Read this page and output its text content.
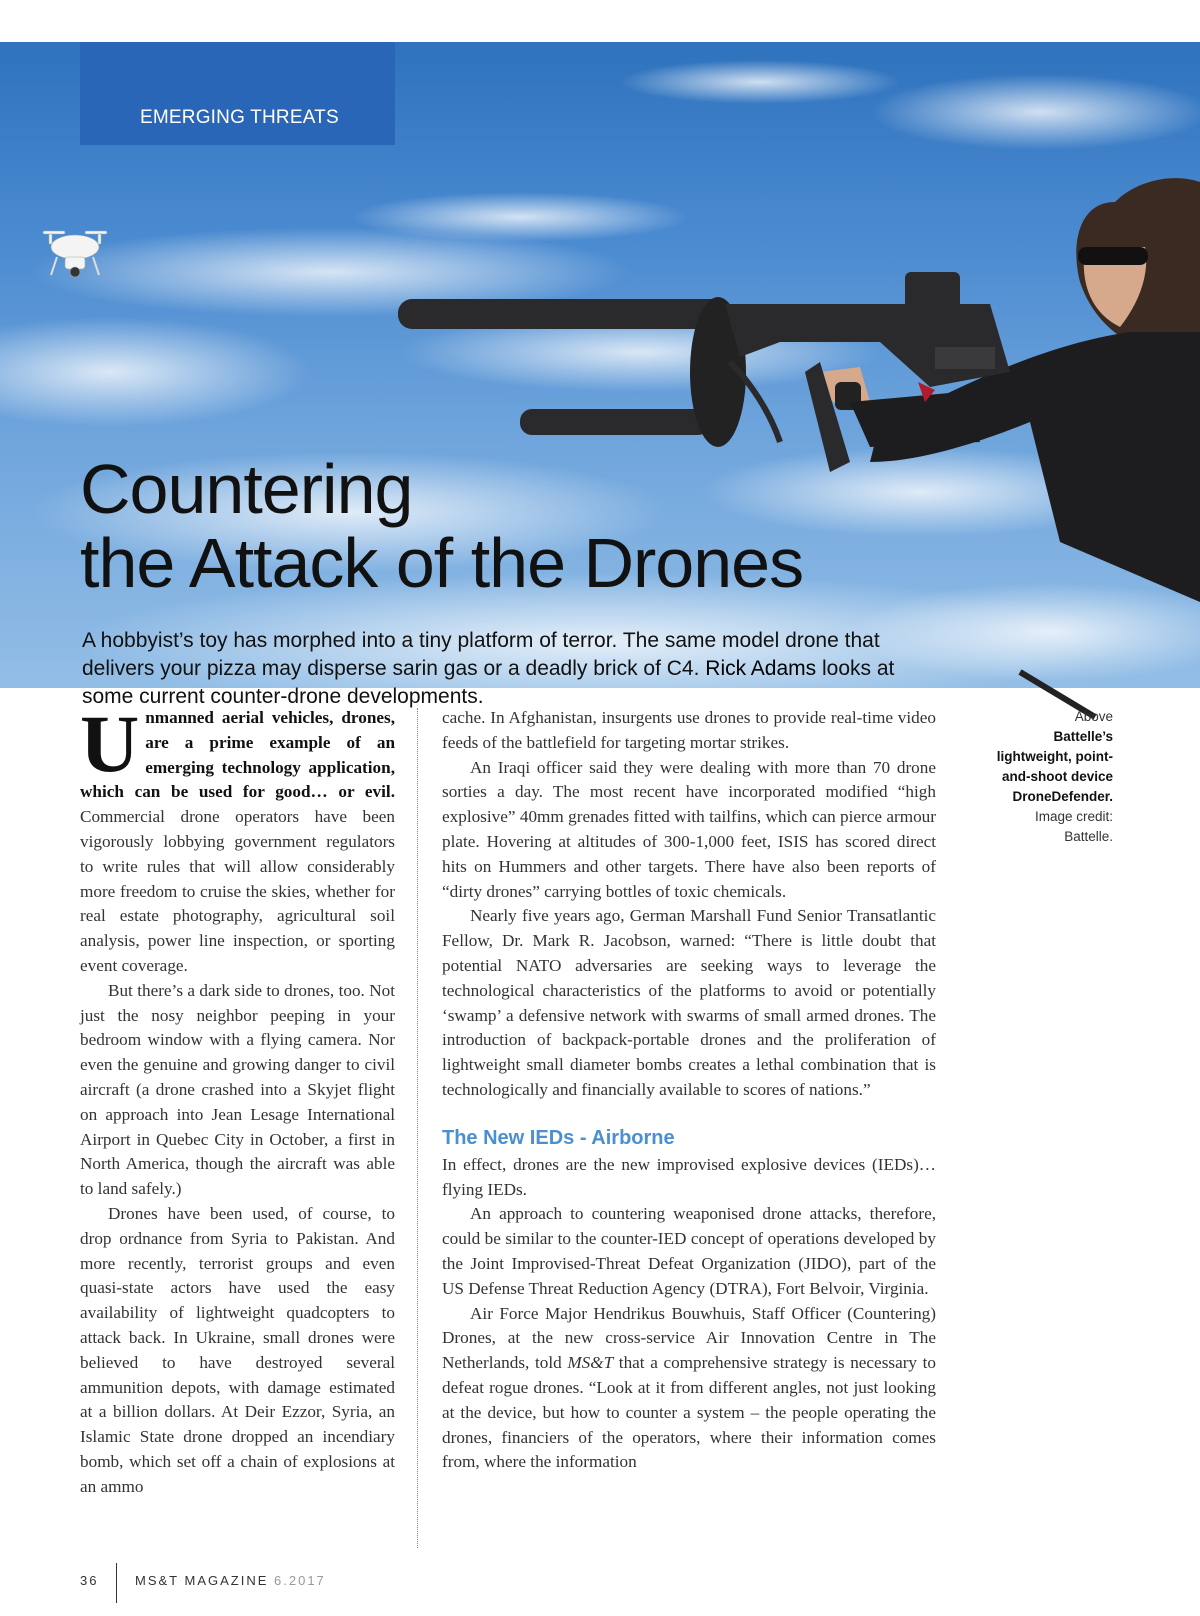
EMERGING THREATS
Countering
the Attack of the Drones

A hobbyist’s toy has morphed into a tiny platform of terror. The same model drone that delivers your pizza may disperse sarin gas or a deadly brick of C4. Rick Adams looks at some current counter-drone developments.

Unmanned aerial vehicles, drones, are a prime example of an emerging technology application, which can be used for good… or evil. Commercial drone operators have been vigorously lobbying government regulators to write rules that will allow considerably more freedom to cruise the skies, whether for real estate photography, agricultural soil analysis, power line inspection, or sporting event coverage.

But there’s a dark side to drones, too. Not just the nosy neighbor peeping in your bedroom window with a flying camera. Nor even the genuine and growing danger to civil aircraft (a drone crashed into a Skyjet flight on approach into Jean Lesage International Airport in Quebec City in October, a first in North America, though the aircraft was able to land safely.)

Drones have been used, of course, to drop ordnance from Syria to Pakistan. And more recently, terrorist groups and even quasi-state actors have used the easy availability of lightweight quadcopters to attack back. In Ukraine, small drones were believed to have destroyed several ammunition depots, with damage estimated at a billion dollars. At Deir Ezzor, Syria, an Islamic State drone dropped an incendiary bomb, which set off a chain of explosions at an ammo

cache. In Afghanistan, insurgents use drones to provide real-time video feeds of the battlefield for targeting mortar strikes.

An Iraqi officer said they were dealing with more than 70 drone sorties a day. The most recent have incorporated modified “high explosive” 40mm grenades fitted with tailfins, which can pierce armour plate. Hovering at altitudes of 300-1,000 feet, ISIS has scored direct hits on Hummers and other targets. There have also been reports of “dirty drones” carrying bottles of toxic chemicals.

Nearly five years ago, German Marshall Fund Senior Transatlantic Fellow, Dr. Mark R. Jacobson, warned: “There is little doubt that potential NATO adversaries are seeking ways to leverage the technological characteristics of the platforms to avoid or potentially ‘swamp’ a defensive network with swarms of small armed drones. The introduction of backpack-portable drones and the proliferation of lightweight small diameter bombs creates a lethal combination that is technologically and financially available to scores of nations.”

The New IEDs - Airborne

In effect, drones are the new improvised explosive devices (IEDs)… flying IEDs.

An approach to countering weaponised drone attacks, therefore, could be similar to the counter-IED concept of operations developed by the Joint Improvised-Threat Defeat Organization (JIDO), part of the US Defense Threat Reduction Agency (DTRA), Fort Belvoir, Virginia.

Air Force Major Hendrikus Bouwhuis, Staff Officer (Countering) Drones, at the new cross-service Air Innovation Centre in The Netherlands, told MS&T that a comprehensive strategy is necessary to defeat rogue drones. “Look at it from different angles, not just looking at the device, but how to counter a system – the people operating the drones, financiers of the operators, where their information comes from, where the information

Above
Battelle’s lightweight, point-and-shoot device DroneDefender.
Image credit: Battelle.
36	MS&T MAGAZINE 6.2017
